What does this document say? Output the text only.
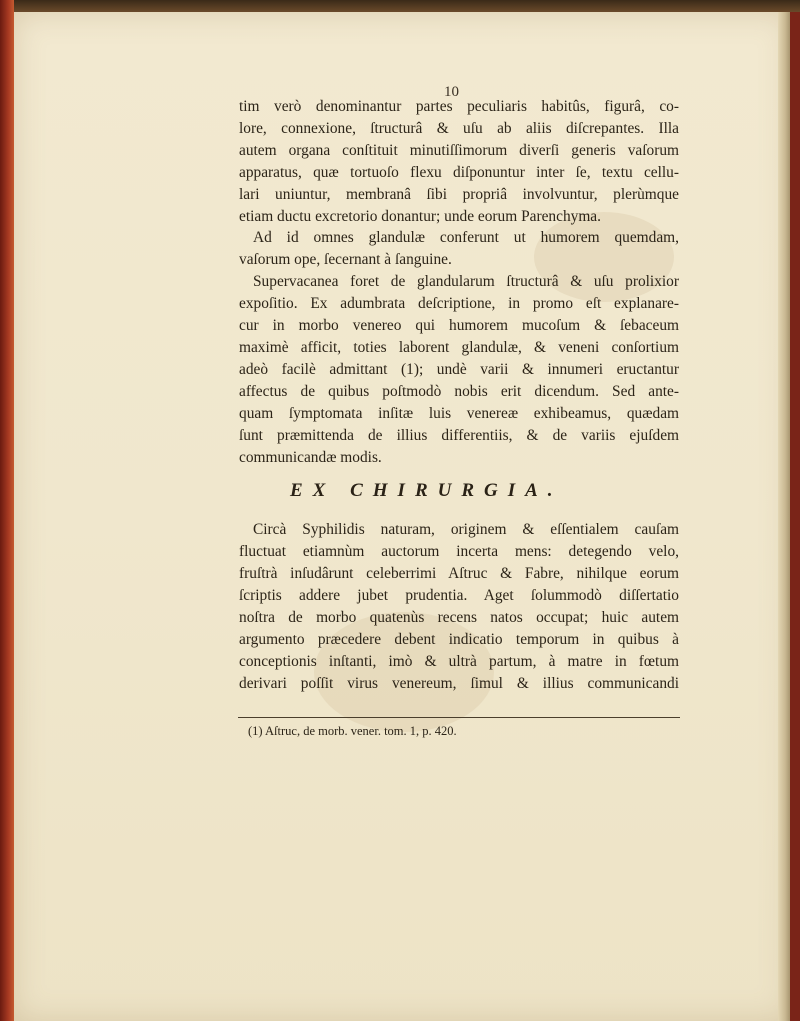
10
tim verò denominantur partes peculiaris habitûs, figurâ, co-
lore, connexione, ſtructurâ & uſu ab aliis diſcrepantes. Illa
autem organa conſtituit minutiſſimorum diverſi generis vaſorum
apparatus, quæ tortuoſo flexu diſponuntur inter ſe, textu cellu-
lari uniuntur, membranâ ſibi propriâ involvuntur, plerùmque
etiam ductu excretorio donantur; unde eorum Parenchyma.
Ad id omnes glandulæ conferunt ut humorem quemdam,
vaſorum ope, ſecernant à ſanguine.
Supervacanea foret de glandularum ſtructurâ & uſu prolixior
expoſitio. Ex adumbrata deſcriptione, in promo eſt explanare-
cur in morbo venereo qui humorem mucoſum & ſebaceum
maximè afficit, toties laborent glandulæ, & veneni conſortium
adeò facilè admittant (1); undè varii & innumeri eructantur
affectus de quibus poſtmodò nobis erit dicendum. Sed ante-
quam ſymptomata inſitæ luis venereæ exhibeamus, quædam
ſunt præmittenda de illius differentiis, & de variis ejuſdem
communicandæ modis.
EX CHIRURGIA.
Circà Syphilidis naturam, originem & eſſentialem cauſam
fluctuat etiamnùm auctorum incerta mens: detegendo velo,
fruſtrà inſudârunt celeberrimi Aſtruc & Fabre, nihilque eorum
ſcriptis addere jubet prudentia. Aget ſolummodò diſſertatio
noſtra de morbo quatenùs recens natos occupat; huic autem
argumento præcedere debent indicatio temporum in quibus à
conceptionis inſtanti, imò & ultrà partum, à matre in fœtum
derivari poſſit virus venereum, ſimul & illius communicandi
(1) Aſtruc, de morb. vener. tom. 1, p. 420.
